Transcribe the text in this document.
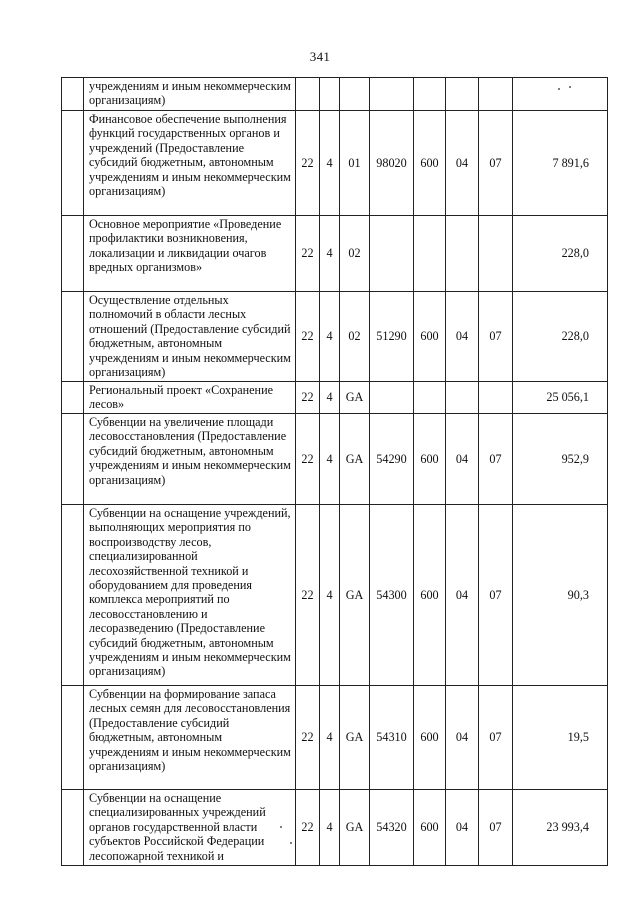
341
	учреждениям и иным некоммерческим организациям)								
	Финансовое обеспечение выполнения функций государственных органов и учреждений (Предоставление субсидий бюджетным, автономным учреждениям и иным некоммерческим организациям)	22	4	01	98020	600	04	07	7 891,6
	Основное мероприятие «Проведение профилактики возникновения, локализации и ликвидации очагов вредных организмов»	22	4	02					228,0
	Осуществление отдельных полномочий в области лесных отношений (Предоставление субсидий бюджетным, автономным учреждениям и иным некоммерческим организациям)	22	4	02	51290	600	04	07	228,0
	Региональный проект «Сохранение лесов»	22	4	GA					25 056,1
	Субвенции на увеличение площади лесовосстановления (Предоставление субсидий бюджетным, автономным учреждениям и иным некоммерческим организациям)	22	4	GA	54290	600	04	07	952,9
	Субвенции на оснащение учреждений, выполняющих мероприятия по воспроизводству лесов, специализированной лесохозяйственной техникой и оборудованием для проведения комплекса мероприятий по лесовосстановлению и лесоразведению (Предоставление субсидий бюджетным, автономным учреждениям и иным некоммерческим организациям)	22	4	GA	54300	600	04	07	90,3
	Субвенции на формирование запаса лесных семян для лесовосстановления (Предоставление субсидий бюджетным, автономным учреждениям и иным некоммерческим организациям)	22	4	GA	54310	600	04	07	19,5
	Субвенции на оснащение специализированных учреждений органов государственной власти субъектов Российской Федерации лесопожарной техникой и	22	4	GA	54320	600	04	07	23 993,4
